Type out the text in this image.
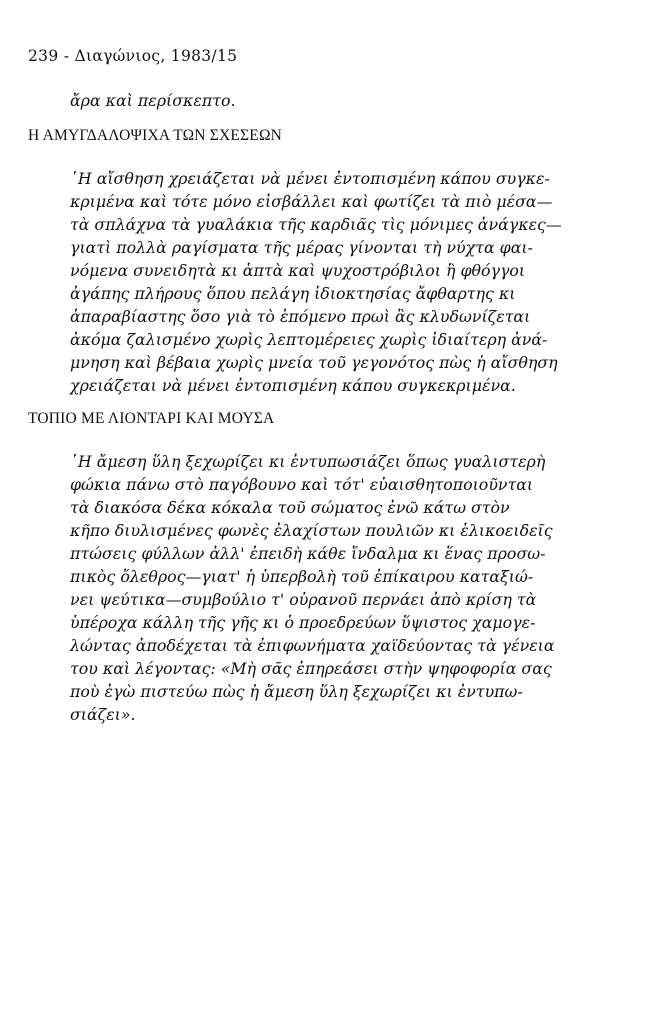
239 - Διαγώνιος, 1983/15
ἄρα καὶ περίσκεπτο.
Η ΑΜΥΓΔΑΛΟΨΙΧΑ ΤΩΝ ΣΧΕΣΕΩΝ
῾Η αἴσθηση χρειάζεται νὰ μένει ἐντοπισμένη κάπου συγκε-
κριμένα καὶ τότε μόνο εἰσβάλλει καὶ φωτίζει τὰ πιὸ μέσα—
τὰ σπλάχνα τὰ γυαλάκια τῆς καρδιᾶς τὶς μόνιμες ἀνάγκες—
γιατὶ πολλὰ ραγίσματα τῆς μέρας γίνονται τὴ νύχτα φαι-
νόμενα συνειδητὰ κι ἁπτὰ καὶ ψυχοστρόβιλοι ἢ φθόγγοι
ἀγάπης πλήρους ὅπου πελάγη ἰδιοκτησίας ἄφθαρτης κι
ἀπαραβίαστης ὅσο γιὰ τὸ ἑπόμενο πρωὶ ἂς κλυδωνίζεται
ἀκόμα ζαλισμένο χωρὶς λεπτομέρειες χωρὶς ἰδιαίτερη ἀνά-
μνηση καὶ βέβαια χωρὶς μνεία τοῦ γεγονότος πὼς ἡ αἴσθηση
χρειάζεται νὰ μένει ἐντοπισμένη κάπου συγκεκριμένα.
ΤΟΠΙΟ ΜΕ ΛΙΟΝΤΑΡΙ ΚΑΙ ΜΟΥΣΑ
῾Η ἄμεση ὕλη ξεχωρίζει κι ἐντυπωσιάζει ὅπως γυαλιστερὴ
φώκια πάνω στὸ παγόβουνο καὶ τότ' εὐαισθητοποιοῦνται
τὰ διακόσα δέκα κόκαλα τοῦ σώματος ἐνῶ κάτω στὸν
κῆπο διυλισμένες φωνὲς ἐλαχίστων πουλιῶν κι ἑλικοειδεῖς
πτώσεις φύλλων ἀλλ' ἐπειδὴ κάθε ἴνδαλμα κι ἕνας προσω-
πικὸς ὄλεθρος—γιατ' ἡ ὑπερβολὴ τοῦ ἐπίκαιρου καταξιώ-
νει ψεύτικα—συμβούλιο τ' οὐρανοῦ περνάει ἀπὸ κρίση τὰ
ὑπέροχα κάλλη τῆς γῆς κι ὁ προεδρεύων ὕψιστος χαμογε-
λώντας ἀποδέχεται τὰ ἐπιφωνήματα χαϊδεύοντας τὰ γένεια
του καὶ λέγοντας: «Μὴ σᾶς ἐπηρεάσει στὴν ψηφοφορία σας
ποὺ ἐγὼ πιστεύω πὼς ἡ ἄμεση ὕλη ξεχωρίζει κι ἐντυπω-
σιάζει».
